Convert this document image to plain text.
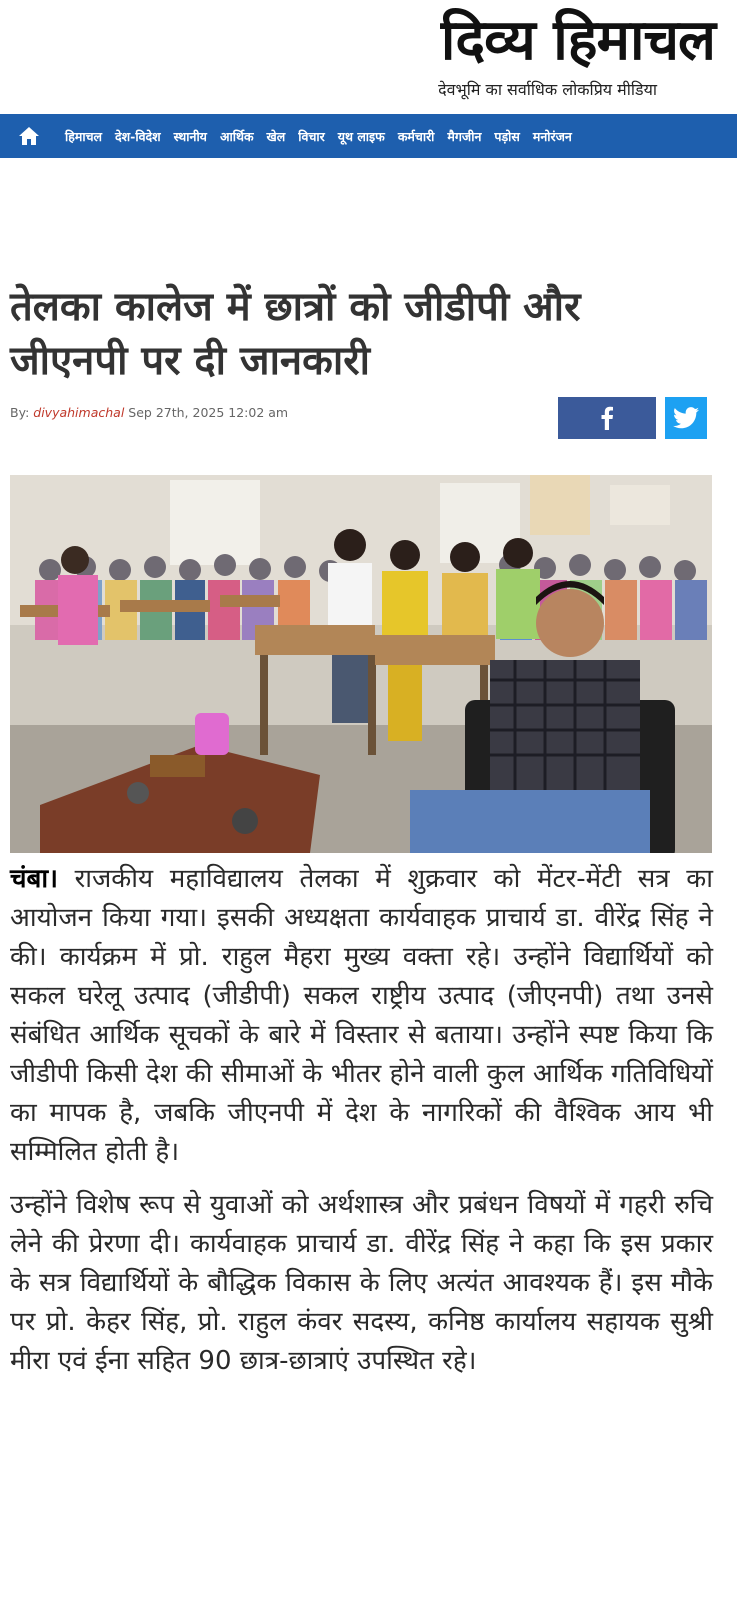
दिव्य हिमाचल
देवभूमि का सर्वाधिक लोकप्रिय मीडिया
हिमाचल देश-विदेश स्थानीय आर्थिक खेल विचार यूथ लाइफ कर्मचारी मैगजीन पड़ोस मनोरंजन
तेलका कालेज में छात्रों को जीडीपी और जीएनपी पर दी जानकारी
By: divyahimachal Sep 27th, 2025 12:02 am

चंबा। राजकीय महाविद्यालय तेलका में शुक्रवार को मेंटर-मेंटी सत्र का आयोजन किया गया। इसकी अध्यक्षता कार्यवाहक प्राचार्य डा. वीरेंद्र सिंह ने की। कार्यक्रम में प्रो. राहुल मैहरा मुख्य वक्ता रहे। उन्होंने विद्यार्थियों को सकल घरेलू उत्पाद (जीडीपी) सकल राष्ट्रीय उत्पाद (जीएनपी) तथा उनसे संबंधित आर्थिक सूचकों के बारे में विस्तार से बताया। उन्होंने स्पष्ट किया कि जीडीपी किसी देश की सीमाओं के भीतर होने वाली कुल आर्थिक गतिविधियों का मापक है, जबकि जीएनपी में देश के नागरिकों की वैश्विक आय भी सम्मिलित होती है।

उन्होंने विशेष रूप से युवाओं को अर्थशास्त्र और प्रबंधन विषयों में गहरी रुचि लेने की प्रेरणा दी। कार्यवाहक प्राचार्य डा. वीरेंद्र सिंह ने कहा कि इस प्रकार के सत्र विद्यार्थियों के बौद्धिक विकास के लिए अत्यंत आवश्यक हैं। इस मौके पर प्रो. केहर सिंह, प्रो. राहुल कंवर सदस्य, कनिष्ठ कार्यालय सहायक सुश्री मीरा एवं ईना सहित 90 छात्र-छात्राएं उपस्थित रहे।
